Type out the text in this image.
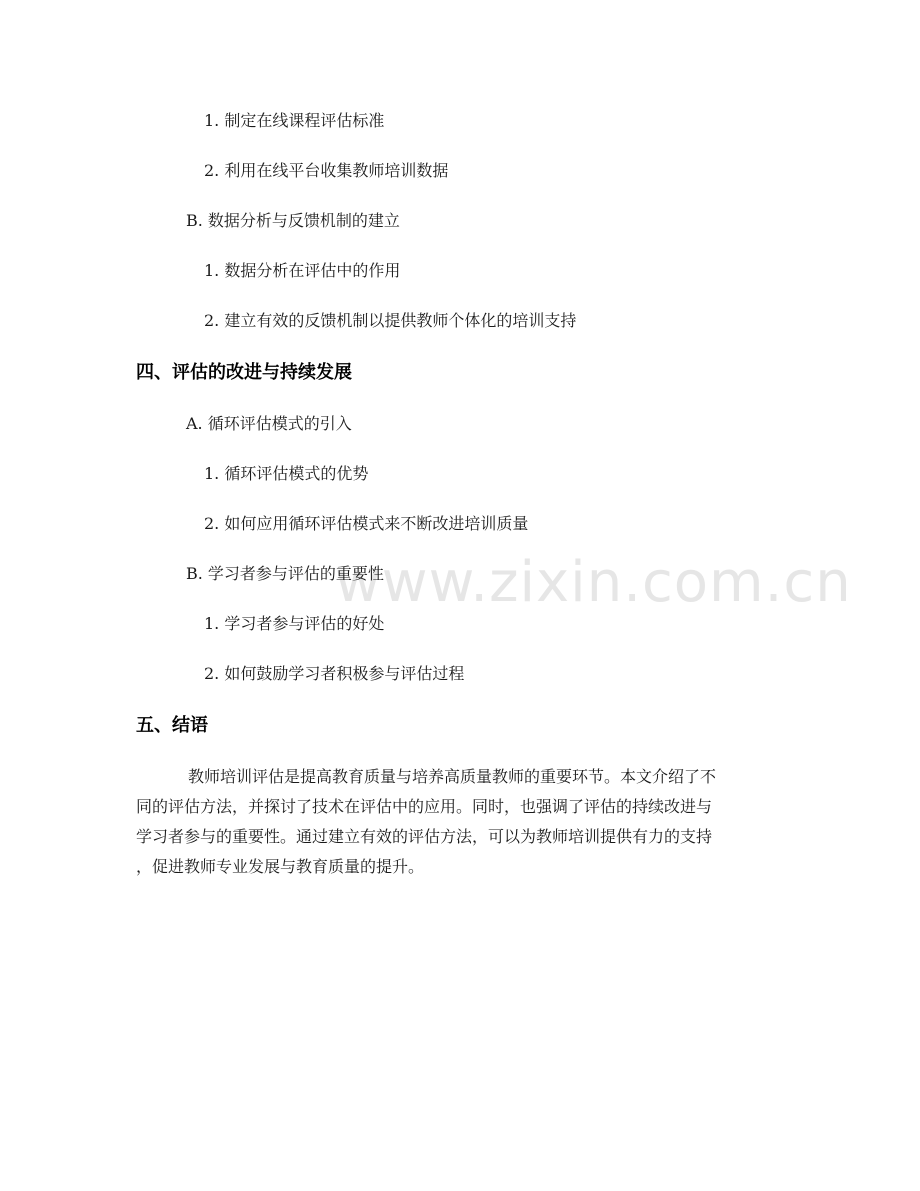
www.zixin.com.cn
1. 制定在线课程评估标准
2. 利用在线平台收集教师培训数据
B. 数据分析与反馈机制的建立
1. 数据分析在评估中的作用
2. 建立有效的反馈机制以提供教师个体化的培训支持
四、评估的改进与持续发展
A. 循环评估模式的引入
1. 循环评估模式的优势
2. 如何应用循环评估模式来不断改进培训质量
B. 学习者参与评估的重要性
1. 学习者参与评估的好处
2. 如何鼓励学习者积极参与评估过程
五、结语

教师培训评估是提高教育质量与培养高质量教师的重要环节。本文介绍了不

同的评估方法，并探讨了技术在评估中的应用。同时，也强调了评估的持续改进与

学习者参与的重要性。通过建立有效的评估方法，可以为教师培训提供有力的支持

，促进教师专业发展与教育质量的提升。
